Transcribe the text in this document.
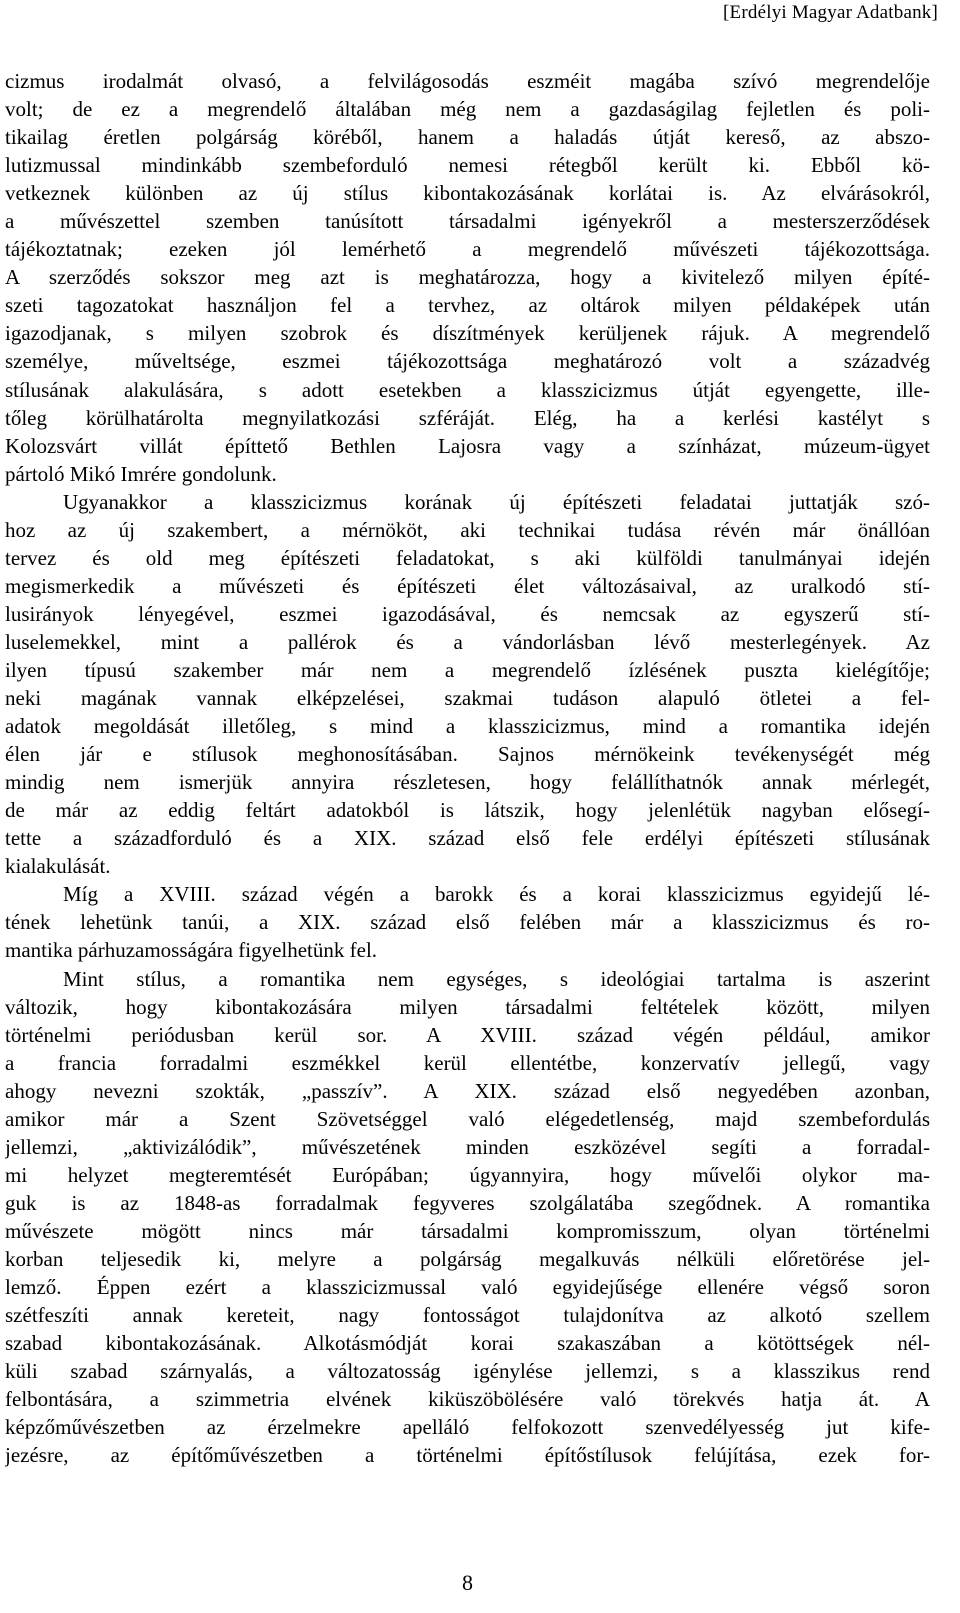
[Erdélyi Magyar Adatbank]
cizmus irodalmát olvasó, a felvilágosodás eszméit magába szívó megrendelője
volt; de ez a megrendelő általában még nem a gazdaságilag fejletlen és poli-
tikailag éretlen polgárság köréből, hanem a haladás útját kereső, az abszo-
lutizmussal mindinkább szembeforduló nemesi rétegből került ki. Ebből kö-
vetkeznek különben az új stílus kibontakozásának korlátai is. Az elvárásokról,
a művészettel szemben tanúsított társadalmi igényekről a mesterszerződések
tájékoztatnak; ezeken jól lemérhető a megrendelő művészeti tájékozottsága.
A szerződés sokszor meg azt is meghatározza, hogy a kivitelező milyen építé-
szeti tagozatokat használjon fel a tervhez, az oltárok milyen példaképek után
igazodjanak, s milyen szobrok és díszítmények kerüljenek rájuk. A megrendelő
személye, műveltsége, eszmei tájékozottsága meghatározó volt a századvég
stílusának alakulására, s adott esetekben a klasszicizmus útját egyengette, ille-
tőleg körülhatárolta megnyilatkozási szféráját. Elég, ha a kerlési kastélyt s
Kolozsvárt villát építtető Bethlen Lajosra vagy a színházat, múzeum-ügyet
pártoló Mikó Imrére gondolunk.
Ugyanakkor a klasszicizmus korának új építészeti feladatai juttatják szó-
hoz az új szakembert, a mérnököt, aki technikai tudása révén már önállóan
tervez és old meg építészeti feladatokat, s aki külföldi tanulmányai idején
megismerkedik a művészeti és építészeti élet változásaival, az uralkodó stí-
lusirányok lényegével, eszmei igazodásával, és nemcsak az egyszerű stí-
luselemekkel, mint a pallérok és a vándorlásban lévő mesterlegények. Az
ilyen típusú szakember már nem a megrendelő ízlésének puszta kielégítője;
neki magának vannak elképzelései, szakmai tudáson alapuló ötletei a fel-
adatok megoldását illetőleg, s mind a klasszicizmus, mind a romantika idején
élen jár e stílusok meghonosításában. Sajnos mérnökeink tevékenységét még
mindig nem ismerjük annyira részletesen, hogy felállíthatnók annak mérlegét,
de már az eddig feltárt adatokból is látszik, hogy jelenlétük nagyban elősegí-
tette a századforduló és a XIX. század első fele erdélyi építészeti stílusának
kialakulását.
Míg a XVIII. század végén a barokk és a korai klasszicizmus egyidejű lé-
tének lehetünk tanúi, a XIX. század első felében már a klasszicizmus és ro-
mantika párhuzamosságára figyelhetünk fel.
Mint stílus, a romantika nem egységes, s ideológiai tartalma is aszerint
változik, hogy kibontakozására milyen társadalmi feltételek között, milyen
történelmi periódusban kerül sor. A XVIII. század végén például, amikor
a francia forradalmi eszmékkel kerül ellentétbe, konzervatív jellegű, vagy
ahogy nevezni szokták, „passzív”. A XIX. század első negyedében azonban,
amikor már a Szent Szövetséggel való elégedetlenség, majd szembefordulás
jellemzi, „aktivizálódik”, művészetének minden eszközével segíti a forradal-
mi helyzet megteremtését Európában; úgyannyira, hogy művelői olykor ma-
guk is az 1848-as forradalmak fegyveres szolgálatába szegődnek. A romantika
művészete mögött nincs már társadalmi kompromisszum, olyan történelmi
korban teljesedik ki, melyre a polgárság megalkuvás nélküli előretörése jel-
lemző. Éppen ezért a klasszicizmussal való egyidejűsége ellenére végső soron
szétfeszíti annak kereteit, nagy fontosságot tulajdonítva az alkotó szellem
szabad kibontakozásának. Alkotásmódját korai szakaszában a kötöttségek nél-
küli szabad szárnyalás, a változatosság igénylése jellemzi, s a klasszikus rend
felbontására, a szimmetria elvének kiküszöbölésére való törekvés hatja át. A
képzőművészetben az érzelmekre apelláló felfokozott szenvedélyesség jut kife-
jezésre, az építőművészetben a történelmi építőstílusok felújítása, ezek for-
8
